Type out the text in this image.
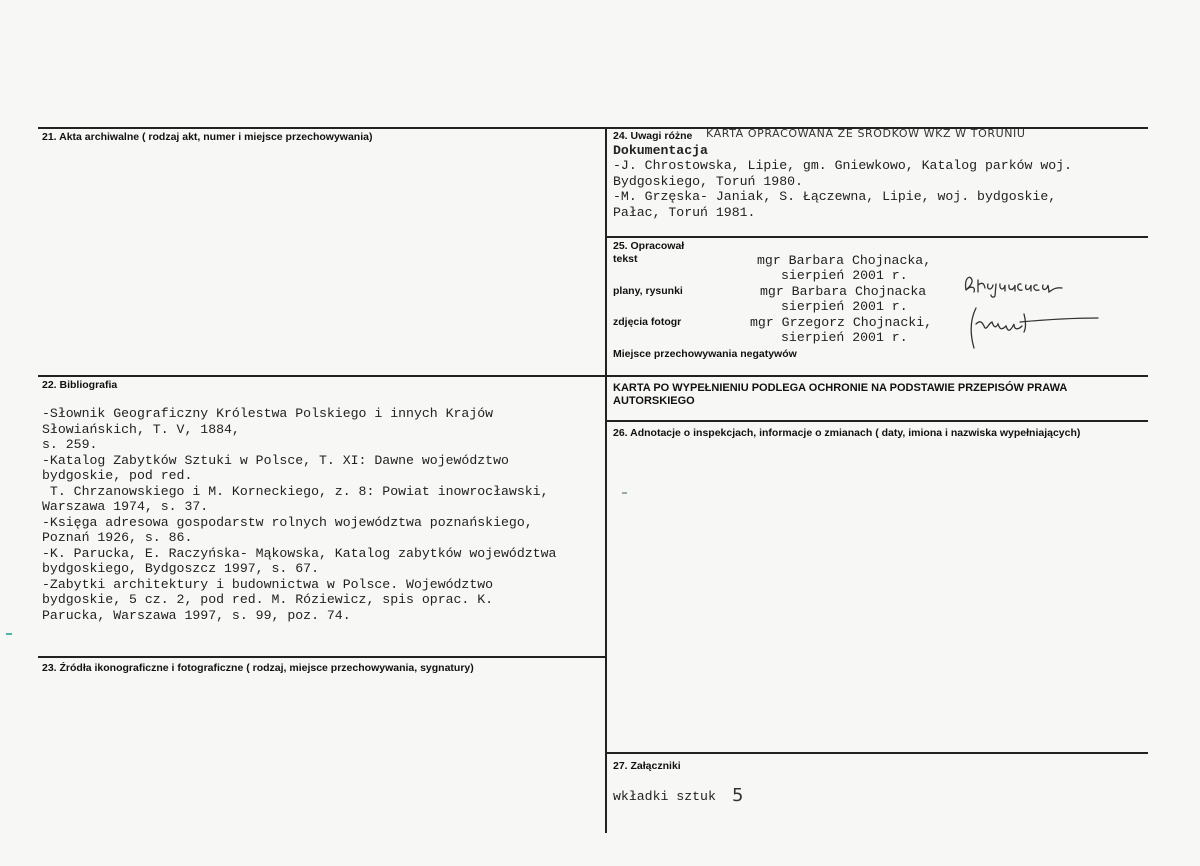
21. Akta archiwalne ( rodzaj akt, numer i miejsce przechowywania)
22. Bibliografia
-Słownik Geograficzny Królestwa Polskiego i innych Krajów
Słowiańskich, T. V, 1884,
s. 259.
-Katalog Zabytków Sztuki w Polsce, T. XI: Dawne województwo
bydgoskie, pod red.
T. Chrzanowskiego i M. Korneckiego, z. 8: Powiat inowrocławski,
Warszawa 1974, s. 37.
-Księga adresowa gospodarstw rolnych województwa poznańskiego,
Poznań 1926, s. 86.
-K. Parucka, E. Raczyńska- Mąkowska, Katalog zabytków województwa
bydgoskiego, Bydgoszcz 1997, s. 67.
-Zabytki architektury i budownictwa w Polsce. Województwo
bydgoskie, 5 cz. 2, pod red. M. Róziewicz, spis oprac. K.
Parucka, Warszawa 1997, s. 99, poz. 74.
23. Źródła ikonograficzne i fotograficzne ( rodzaj, miejsce przechowywania, sygnatury)
24. Uwagi różne KARTA OPRACOWANA ZE ŚRODKÓW WKZ W TORUNIU
Dokumentacja
-J. Chrostowska, Lipie, gm. Gniewkowo, Katalog parków woj.
Bydgoskiego, Toruń 1980.
-M. Grzęska- Janiak, S. Łączewna, Lipie, woj. bydgoskie,
Pałac, Toruń 1981.
25. Opracował
tekst	mgr Barbara Chojnacka,
sierpień 2001 r.
plany, rysunki	mgr Barbara Chojnacka
sierpień 2001 r.
zdjęcia fotogr	mgr Grzegorz Chojnacki,
sierpień 2001 r.
Miejsce przechowywania negatywów
KARTA PO WYPEŁNIENIU PODLEGA OCHRONIE NA PODSTAWIE PRZEPISÓW PRAWA
AUTORSKIEGO
26. Adnotacje o inspekcjach, informacje o zmianach ( daty, imiona i nazwiska wypełniających)
27. Załączniki
wkładki sztuk 5
